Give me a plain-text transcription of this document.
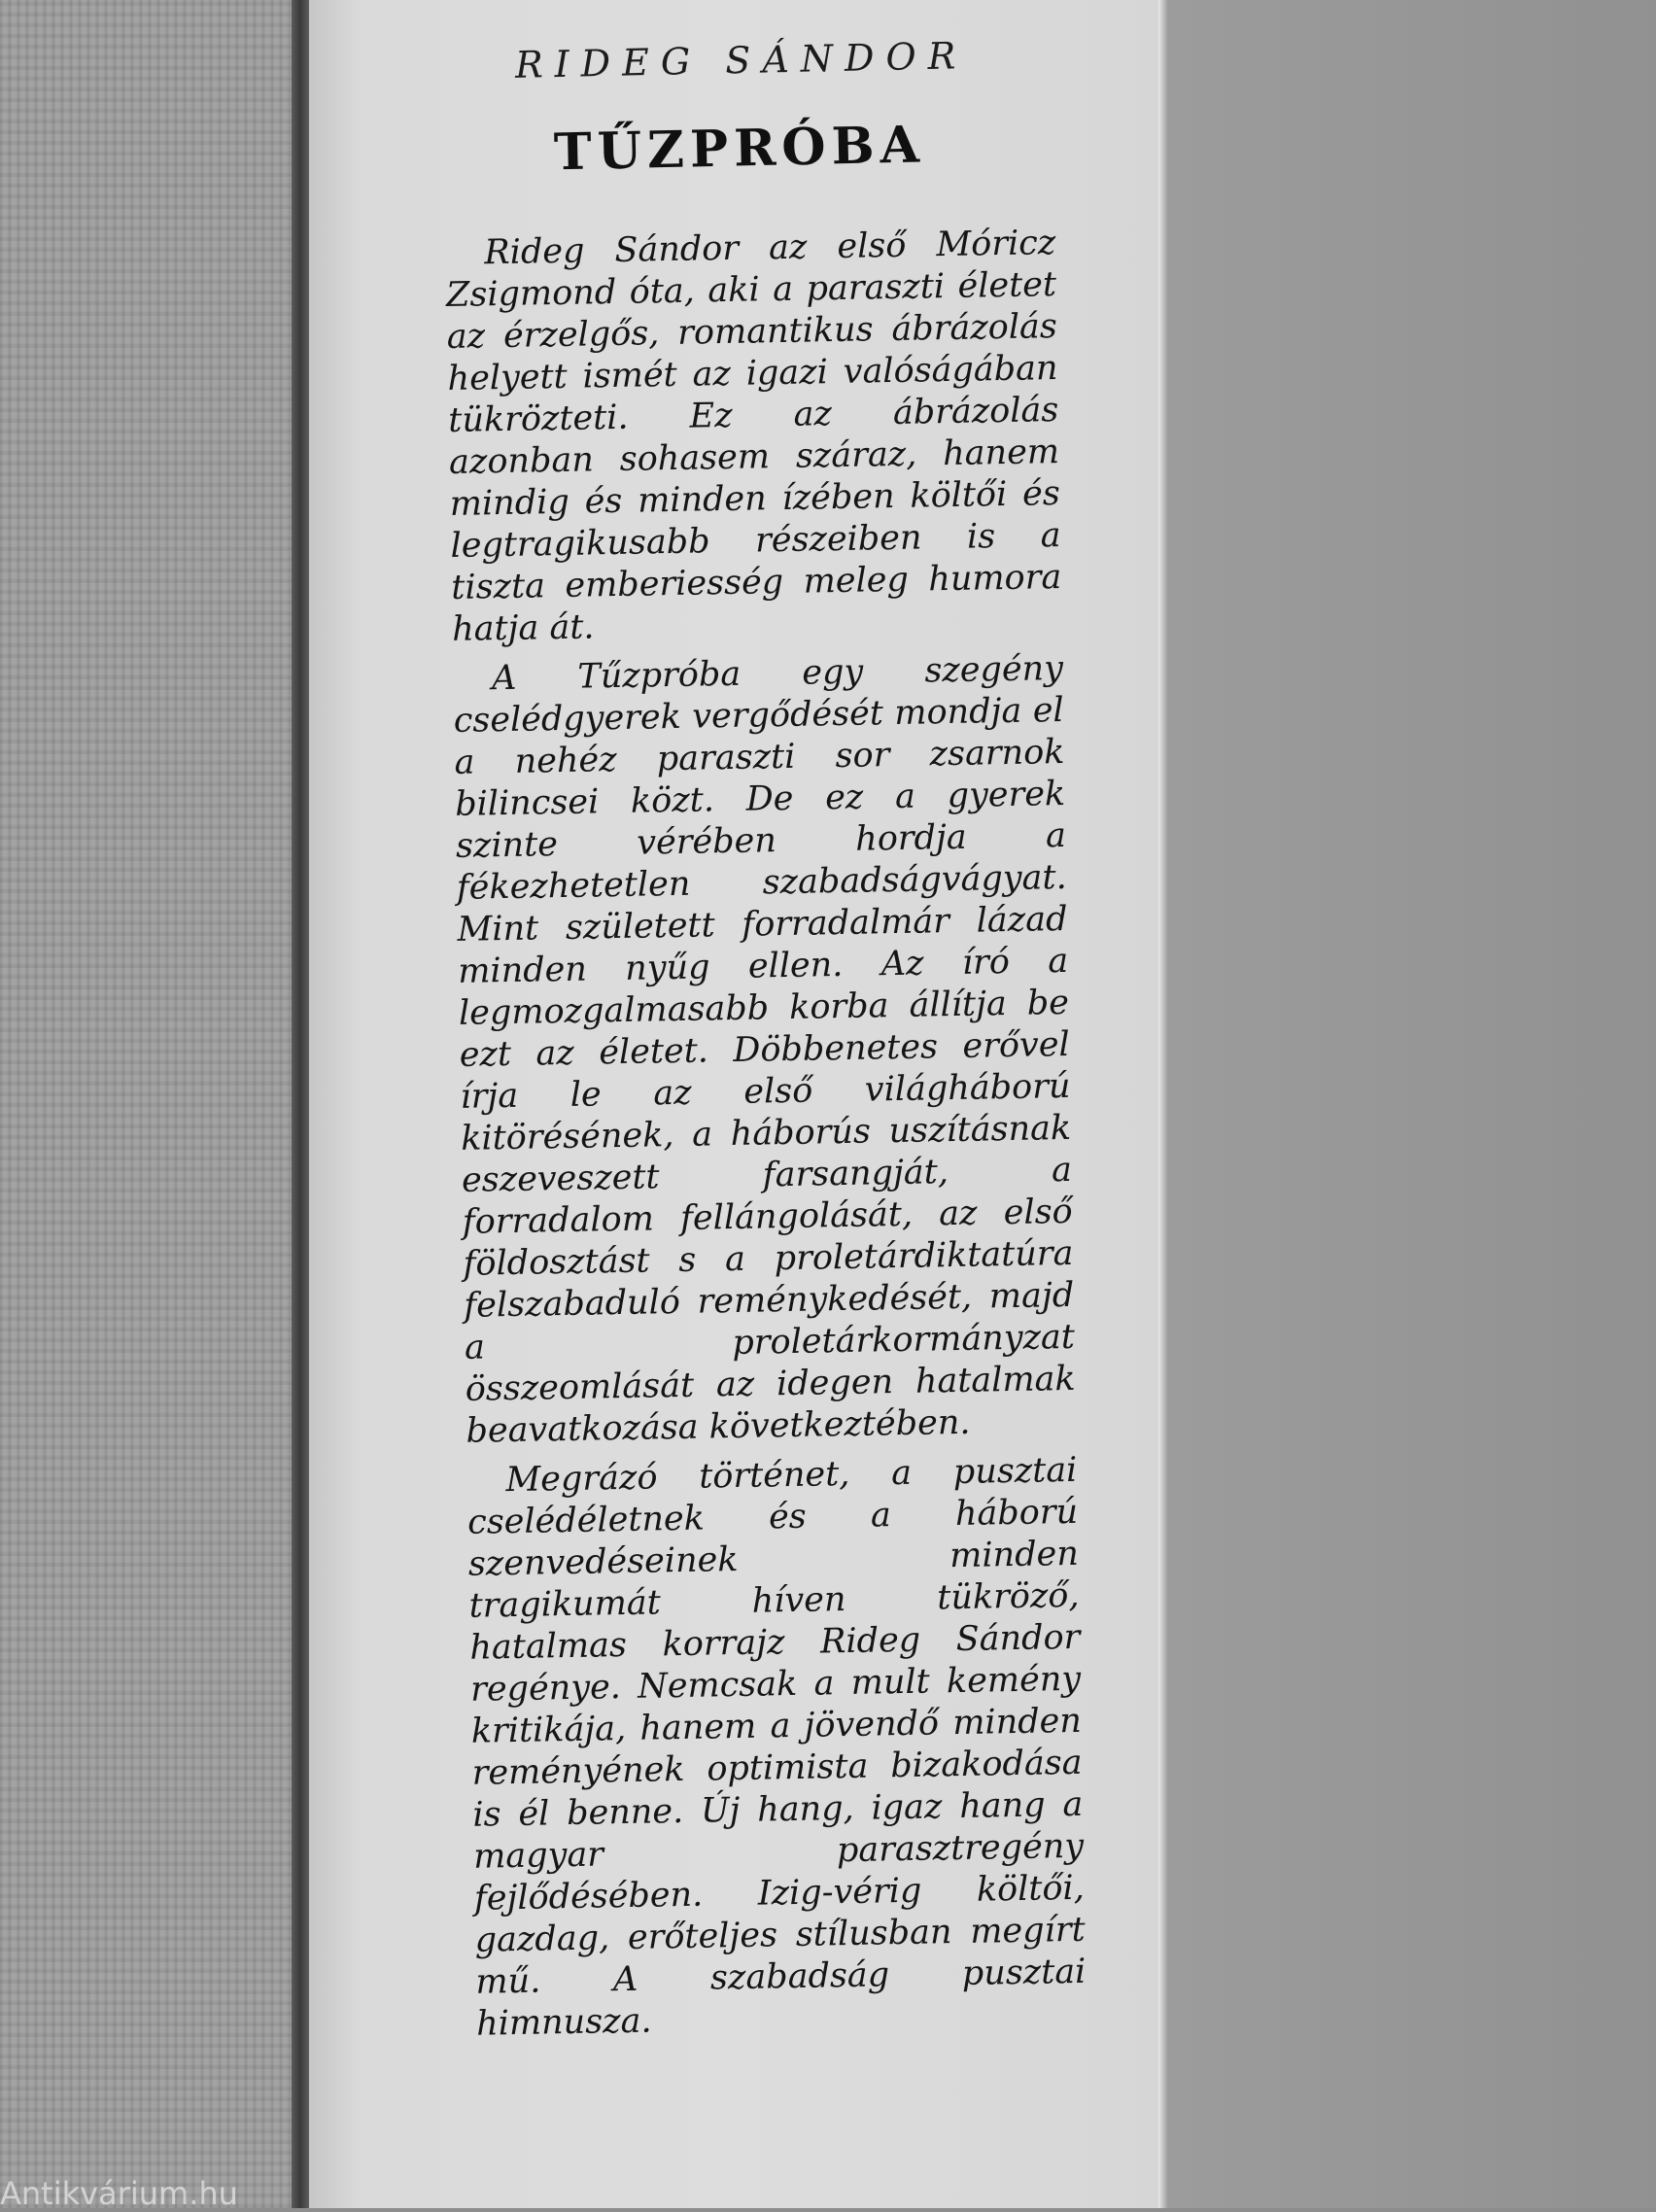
RIDEG SÁNDOR
TŰZPRÓBA

Rideg Sándor az első Móricz Zsigmond óta, aki a paraszti életet az érzelgős, romantikus ábrázolás helyett ismét az igazi valóságában tükrözteti. Ez az ábrázolás azonban sohasem száraz, hanem mindig és minden ízében költői és legtragikusabb részeiben is a tiszta emberiesség meleg humora hatja át.

A Tűzpróba egy szegény cselédgyerek vergődését mondja el a nehéz paraszti sor zsarnok bilincsei közt. De ez a gyerek szinte vérében hordja a fékezhetetlen szabadságvágyat. Mint született forradalmár lázad minden nyűg ellen. Az író a legmozgalmasabb korba állítja be ezt az életet. Döbbenetes erővel írja le az első világháború kitörésének, a háborús uszításnak eszeveszett farsangját, a forradalom fellángolását, az első földosztást s a proletárdiktatúra felszabaduló reménykedését, majd a proletárkormányzat összeomlását az idegen hatalmak beavatkozása következtében.

Megrázó történet, a pusztai cselédéletnek és a háború szenvedéseinek minden tragikumát híven tükröző, hatalmas korrajz Rideg Sándor regénye. Nemcsak a mult kemény kritikája, hanem a jövendő minden reményének optimista bizakodása is él benne. Új hang, igaz hang a magyar parasztregény fejlődésében. Izig-vérig költői, gazdag, erőteljes stílusban megírt mű. A szabadság pusztai himnusza.

Antikvárium.hu
